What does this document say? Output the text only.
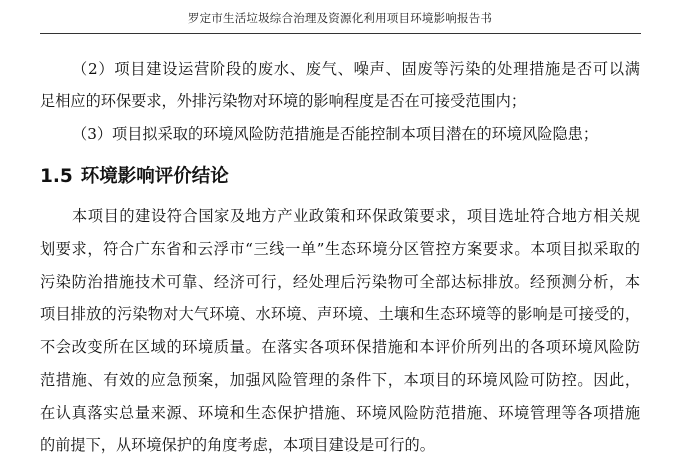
罗定市生活垃圾综合治理及资源化利用项目环境影响报告书
（2）项目建设运营阶段的废水、废气、噪声、固废等污染的处理措施是否可以满
足相应的环保要求，外排污染物对环境的影响程度是否在可接受范围内；
（3）项目拟采取的环境风险防范措施是否能控制本项目潜在的环境风险隐患；
1.5 环境影响评价结论
本项目的建设符合国家及地方产业政策和环保政策要求，项目选址符合地方相关规
划要求，符合广东省和云浮市“三线一单”生态环境分区管控方案要求。本项目拟采取的
污染防治措施技术可靠、经济可行，经处理后污染物可全部达标排放。经预测分析，本
项目排放的污染物对大气环境、水环境、声环境、土壤和生态环境等的影响是可接受的，
不会改变所在区域的环境质量。在落实各项环保措施和本评价所列出的各项环境风险防
范措施、有效的应急预案，加强风险管理的条件下，本项目的环境风险可防控。因此，
在认真落实总量来源、环境和生态保护措施、环境风险防范措施、环境管理等各项措施
的前提下，从环境保护的角度考虑，本项目建设是可行的。
